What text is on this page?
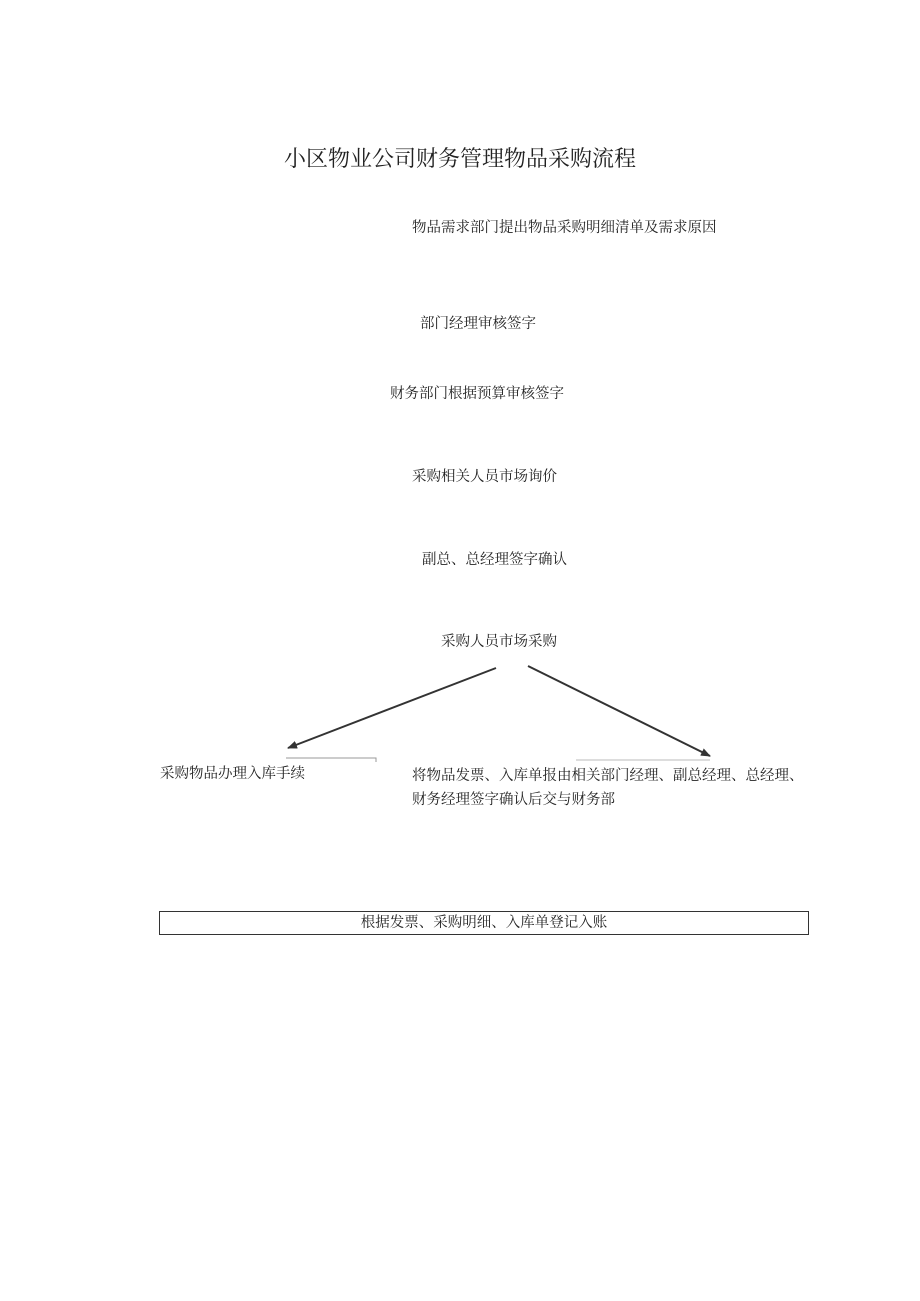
小区物业公司财务管理物品采购流程
物品需求部门提出物品采购明细清单及需求原因
部门经理审核签字
财务部门根据预算审核签字
采购相关人员市场询价
副总、总经理签字确认
采购人员市场采购
采购物品办理入库手续	将物品发票、入库单报由相关部门经理、副总经理、总经理、财务经理签字确认后交与财务部
根据发票、采购明细、入库单登记入账
